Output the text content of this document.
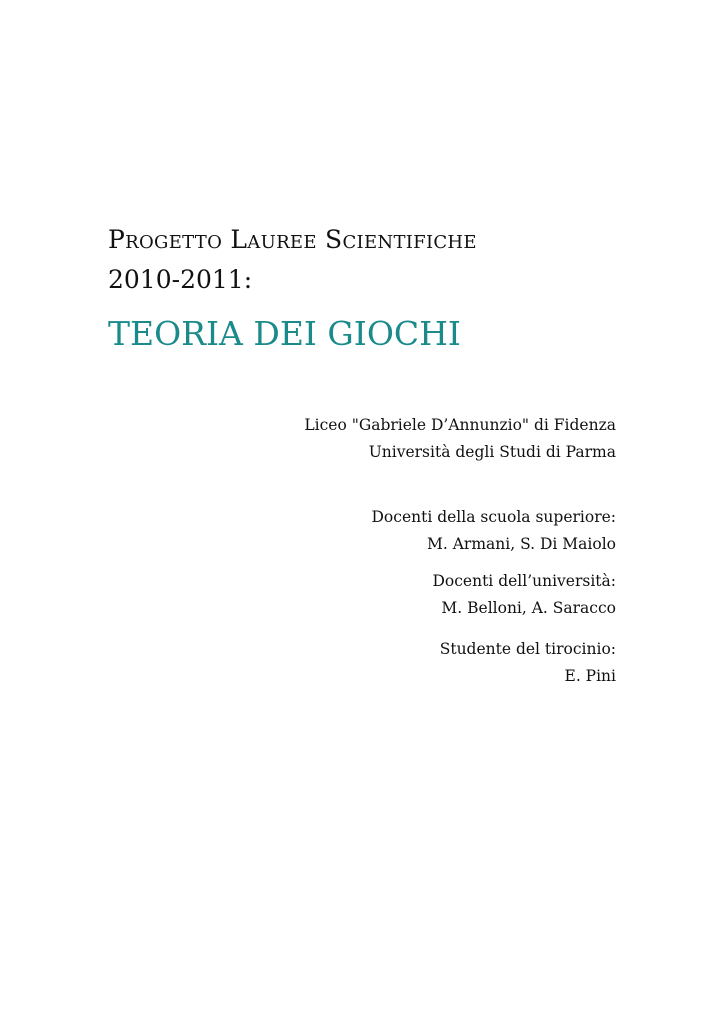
Progetto Lauree Scientifiche
2010-2011:
TEORIA DEI GIOCHI
Liceo "Gabriele D’Annunzio" di Fidenza
Università degli Studi di Parma
Docenti della scuola superiore:
M. Armani, S. Di Maiolo
Docenti dell’università:
M. Belloni, A. Saracco
Studente del tirocinio:
E. Pini
